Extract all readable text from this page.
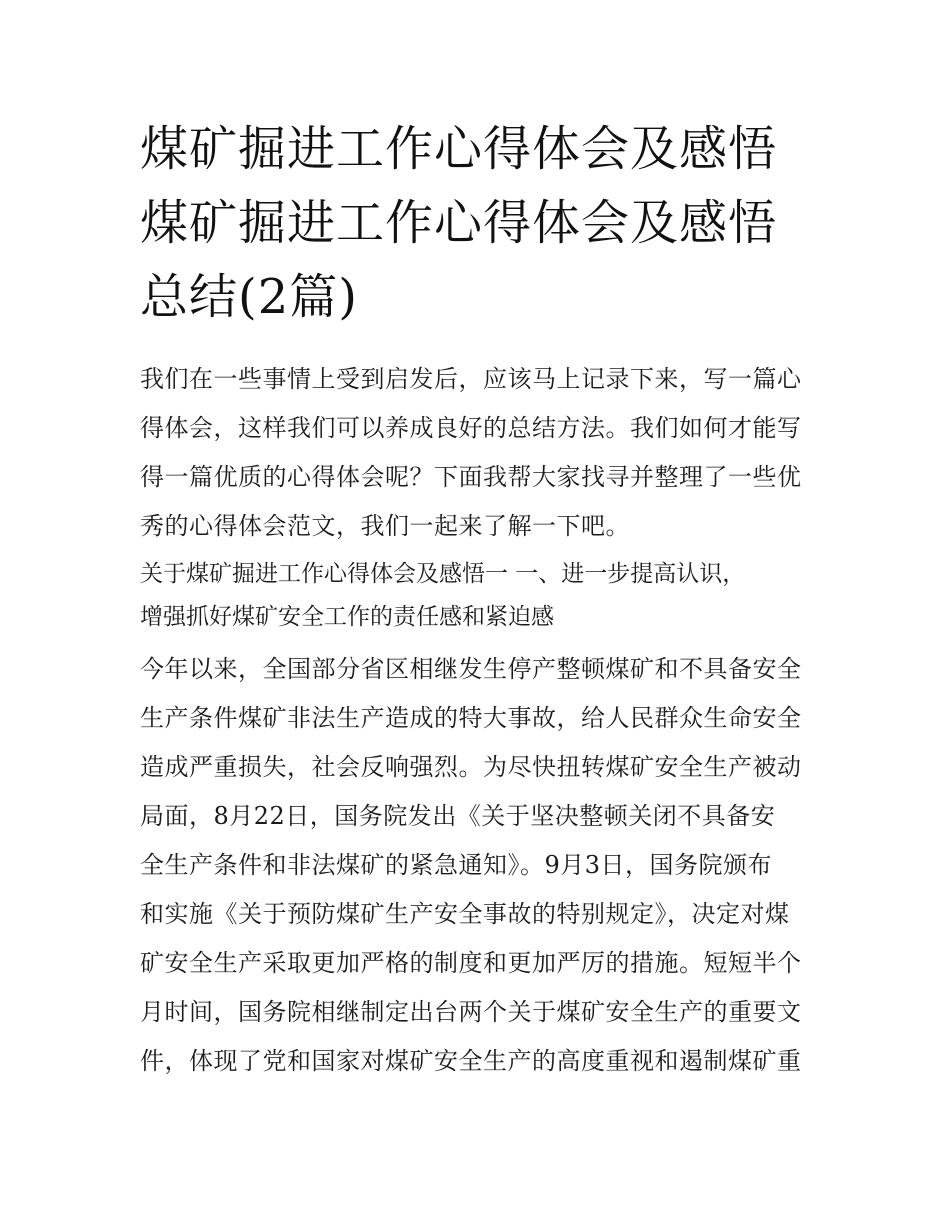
煤矿掘进工作心得体会及感悟
煤矿掘进工作心得体会及感悟
总结(2篇)

我们在一些事情上受到启发后，应该马上记录下来，写一篇心
得体会，这样我们可以养成良好的总结方法。我们如何才能写
得一篇优质的心得体会呢？下面我帮大家找寻并整理了一些优
秀的心得体会范文，我们一起来了解一下吧。

关于煤矿掘进工作心得体会及感悟一 一、进一步提高认识，
增强抓好煤矿安全工作的责任感和紧迫感

今年以来，全国部分省区相继发生停产整顿煤矿和不具备安全
生产条件煤矿非法生产造成的特大事故，给人民群众生命安全
造成严重损失，社会反响强烈。为尽快扭转煤矿安全生产被动
局面，8月22日，国务院发出《关于坚决整顿关闭不具备安
全生产条件和非法煤矿的紧急通知》。9月3日，国务院颁布
和实施《关于预防煤矿生产安全事故的特别规定》，决定对煤
矿安全生产采取更加严格的制度和更加严厉的措施。短短半个
月时间，国务院相继制定出台两个关于煤矿安全生产的重要文
件，体现了党和国家对煤矿安全生产的高度重视和遏制煤矿重
